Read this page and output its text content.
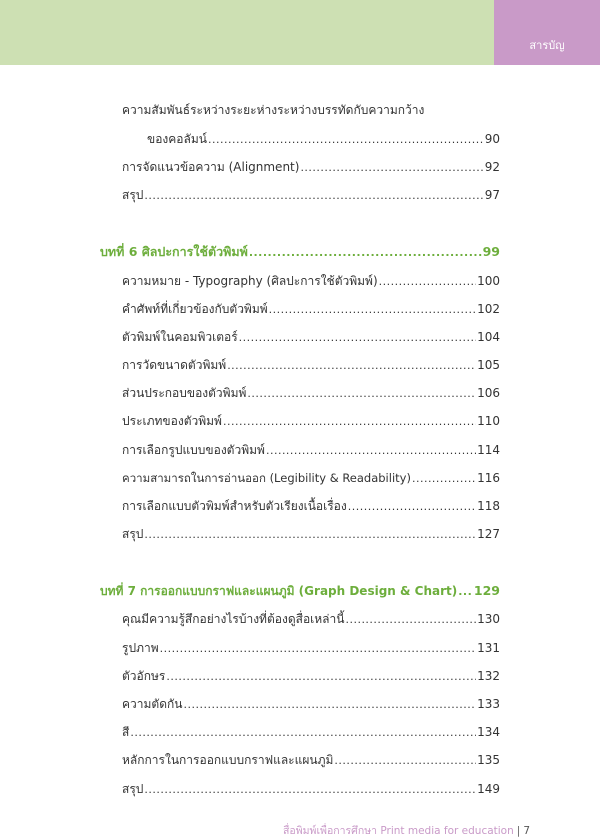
สารบัญ
ความสัมพันธ์ระหว่างระยะห่างระหว่างบรรทัดกับความกว้าง
ของคอลัมน์ .....	90
การจัดแนวข้อความ (Alignment) .....	92
สรุป .....	97
บทที่ 6 ศิลปะการใช้ตัวพิมพ์ .....	99
ความหมาย - Typography (ศิลปะการใช้ตัวพิมพ์) .....	100
คำศัพท์ที่เกี่ยวข้องกับตัวพิมพ์ .....	102
ตัวพิมพ์ในคอมพิวเตอร์ .....	104
การวัดขนาดตัวพิมพ์ .....	105
ส่วนประกอบของตัวพิมพ์ .....	106
ประเภทของตัวพิมพ์ .....	110
การเลือกรูปแบบของตัวพิมพ์ .....	114
ความสามารถในการอ่านออก (Legibility & Readability) .....	116
การเลือกแบบตัวพิมพ์สำหรับตัวเรียงเนื้อเรื่อง .....	118
สรุป .....	127
บทที่ 7 การออกแบบกราฟและแผนภูมิ (Graph Design & Chart) ..... 129
คุณมีความรู้สึกอย่างไรบ้างที่ต้องดูสื่อเหล่านี้ .....	130
รูปภาพ .....	131
ตัวอักษร .....	132
ความตัดกัน .....	133
สี .....	134
หลักการในการออกแบบกราฟและแผนภูมิ .....	135
สรุป .....	149
สื่อพิมพ์เพื่อการศึกษา Print media for education | 7
